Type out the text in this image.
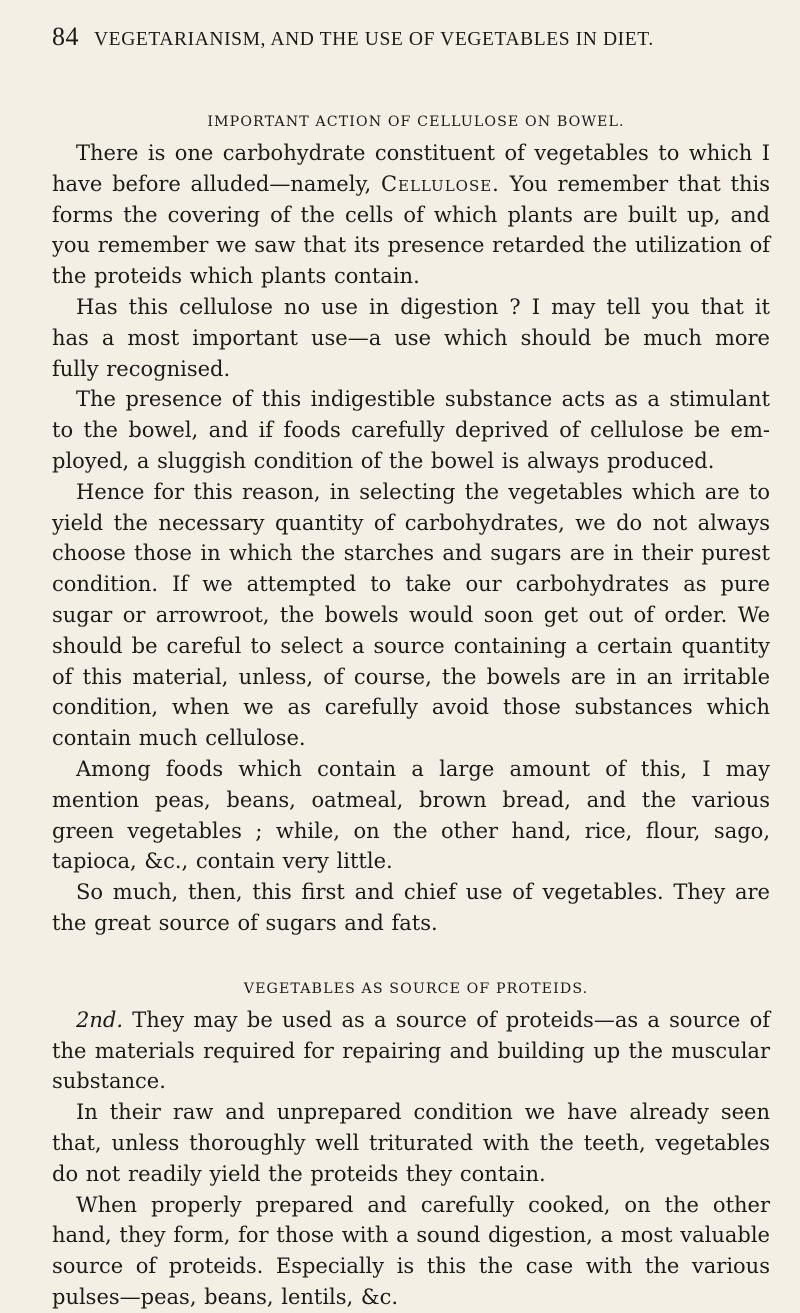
84 VEGETARIANISM, AND THE USE OF VEGETABLES IN DIET.
IMPORTANT ACTION OF CELLULOSE ON BOWEL.

There is one carbohydrate constituent of vegetables to which I have before alluded—namely, Cellulose. You remember that this forms the covering of the cells of which plants are built up, and you remember we saw that its presence retarded the utilization of the proteids which plants contain.

Has this cellulose no use in digestion ? I may tell you that it has a most important use—a use which should be much more fully recognised.

The presence of this indigestible substance acts as a stimulant to the bowel, and if foods carefully deprived of cellulose be em- ployed, a sluggish condition of the bowel is always produced.

Hence for this reason, in selecting the vegetables which are to yield the necessary quantity of carbohydrates, we do not always choose those in which the starches and sugars are in their purest condition. If we attempted to take our carbohydrates as pure sugar or arrowroot, the bowels would soon get out of order. We should be careful to select a source containing a certain quantity of this material, unless, of course, the bowels are in an irritable condition, when we as carefully avoid those substances which contain much cellulose.

Among foods which contain a large amount of this, I may mention peas, beans, oatmeal, brown bread, and the various green vegetables ; while, on the other hand, rice, flour, sago, tapioca, &c., contain very little.

So much, then, this first and chief use of vegetables. They are the great source of sugars and fats.

VEGETABLES AS SOURCE OF PROTEIDS.

2nd. They may be used as a source of proteids—as a source of the materials required for repairing and building up the muscular substance.

In their raw and unprepared condition we have already seen that, unless thoroughly well triturated with the teeth, vegetables do not readily yield the proteids they contain.

When properly prepared and carefully cooked, on the other hand, they form, for those with a sound digestion, a most valuable source of proteids. Especially is this the case with the various pulses—peas, beans, lentils, &c.
